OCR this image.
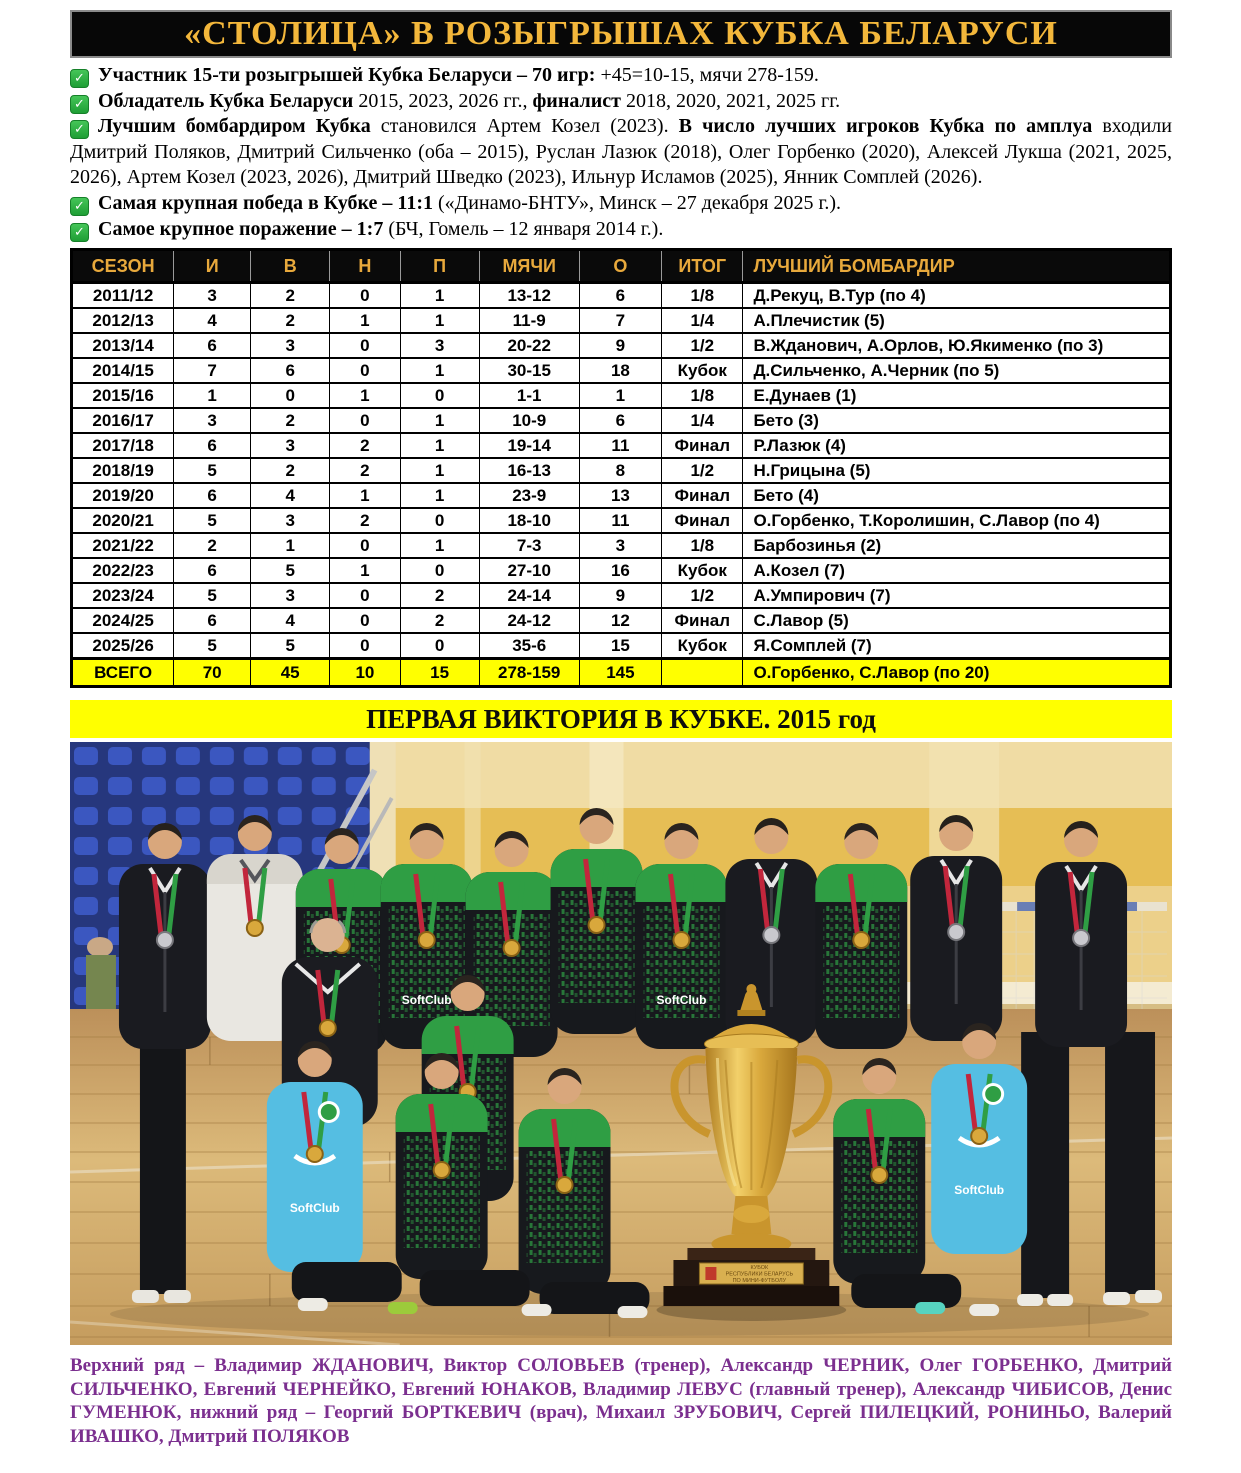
«СТОЛИЦА» В РОЗЫГРЫШАХ КУБКА БЕЛАРУСИ
✓ Участник 15-ти розыгрышей Кубка Беларуси – 70 игр: +45=10-15, мячи 278-159.
✓ Обладатель Кубка Беларуси 2015, 2023, 2026 гг., финалист 2018, 2020, 2021, 2025 гг.
✓ Лучшим бомбардиром Кубка становился Артем Козел (2023). В число лучших игроков Кубка по амплуа входили Дмитрий Поляков, Дмитрий Сильченко (оба – 2015), Руслан Лазюк (2018), Олег Горбенко (2020), Алексей Лукша (2021, 2025, 2026), Артем Козел (2023, 2026), Дмитрий Шведко (2023), Ильнур Исламов (2025), Янник Сомплей (2026).
✓ Самая крупная победа в Кубке – 11:1 («Динамо-БНТУ», Минск – 27 декабря 2025 г.).
✓ Самое крупное поражение – 1:7 (БЧ, Гомель – 12 января 2014 г.).
СЕЗОН	И	В	Н	П	МЯЧИ	О	ИТОГ	ЛУЧШИЙ БОМБАРДИР
2011/12	3	2	0	1	13-12	6	1/8	Д.Рекуц, В.Тур (по 4)
2012/13	4	2	1	1	11-9	7	1/4	А.Плечистик (5)
2013/14	6	3	0	3	20-22	9	1/2	В.Жданович, А.Орлов, Ю.Якименко (по 3)
2014/15	7	6	0	1	30-15	18	Кубок	Д.Сильченко, А.Черник (по 5)
2015/16	1	0	1	0	1-1	1	1/8	Е.Дунаев (1)
2016/17	3	2	0	1	10-9	6	1/4	Бето (3)
2017/18	6	3	2	1	19-14	11	Финал	Р.Лазюк (4)
2018/19	5	2	2	1	16-13	8	1/2	Н.Грицына (5)
2019/20	6	4	1	1	23-9	13	Финал	Бето (4)
2020/21	5	3	2	0	18-10	11	Финал	О.Горбенко, Т.Королишин, С.Лавор (по 4)
2021/22	2	1	0	1	7-3	3	1/8	Барбозинья (2)
2022/23	6	5	1	0	27-10	16	Кубок	А.Козел (7)
2023/24	5	3	0	2	24-14	9	1/2	А.Умпирович (7)
2024/25	6	4	0	2	24-12	12	Финал	С.Лавор (5)
2025/26	5	5	0	0	35-6	15	Кубок	Я.Сомплей (7)
ВСЕГО	70	45	10	15	278-159	145		О.Горбенко, С.Лавор (по 20)
ПЕРВАЯ ВИКТОРИЯ В КУБКЕ. 2015 год
КУБОК
РЕСПУБЛИКИ БЕЛАРУСЬ
ПО МИНИ-ФУТБОЛУ
SoftClub	SoftClub
SoftClub
SoftClub
Верхний ряд – Владимир ЖДАНОВИЧ, Виктор СОЛОВЬЕВ (тренер), Александр ЧЕРНИК, Олег ГОРБЕНКО, Дмитрий СИЛЬЧЕНКО, Евгений ЧЕРНЕЙКО, Евгений ЮНАКОВ, Владимир ЛЕВУС (главный тренер), Александр ЧИБИСОВ, Денис ГУМЕНЮК, нижний ряд – Георгий БОРТКЕВИЧ (врач), Михаил ЗРУБОВИЧ, Сергей ПИЛЕЦКИЙ, РОНИНЬО, Валерий ИВАШКО, Дмитрий ПОЛЯКОВ
